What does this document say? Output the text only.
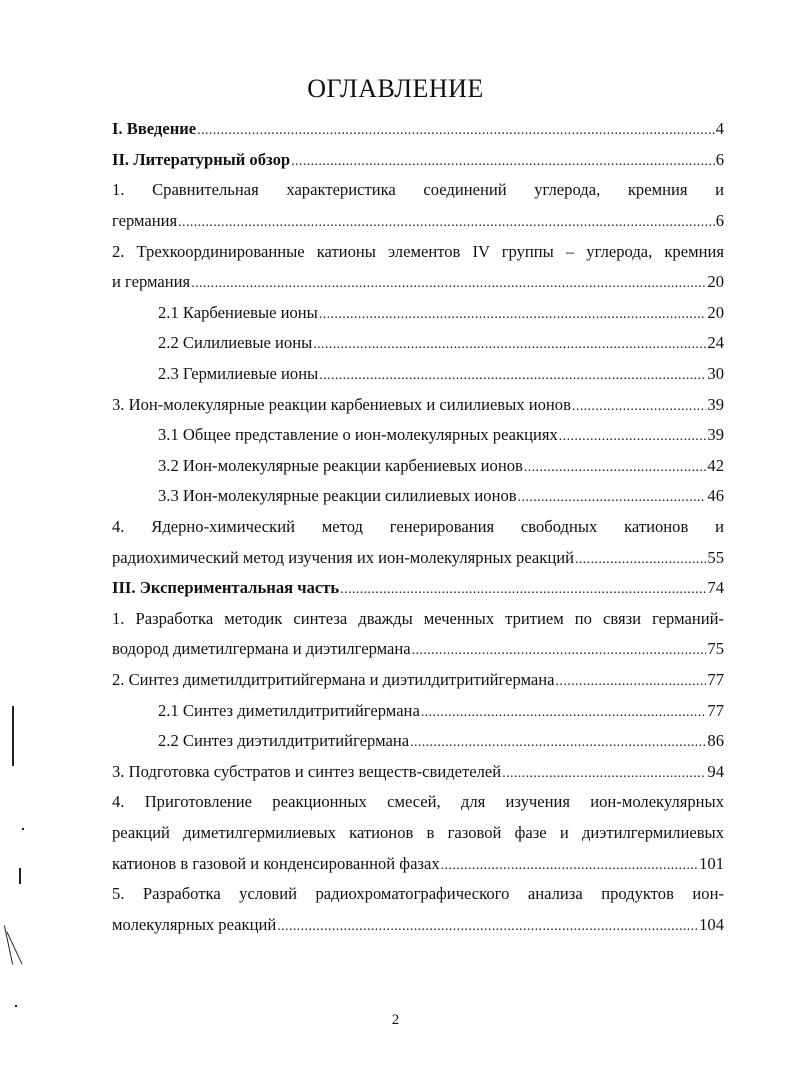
ОГЛАВЛЕНИЕ
I. Введение .....	4
II. Литературный обзор .....	6
1. Сравнительная характеристика соединений углерода, кремния и
германия .....	6
2. Трехкоординированные катионы элементов IV группы – углерода, кремния
и германия .....	20
2.1 Карбениевые ионы .....	20
2.2 Силилиевые ионы .....	24
2.3 Гермилиевые ионы .....	30
3. Ион-молекулярные реакции карбениевых и силилиевых ионов .....	39
3.1 Общее представление о ион-молекулярных реакциях .....	39
3.2 Ион-молекулярные реакции карбениевых ионов .....	42
3.3 Ион-молекулярные реакции силилиевых ионов .....	46
4. Ядерно-химический метод генерирования свободных катионов и
радиохимический метод изучения их ион-молекулярных реакций .....	55
III. Экспериментальная часть .....	74
1. Разработка методик синтеза дважды меченных тритием по связи германий-
водород диметилгермана и диэтилгермана .....	75
2. Синтез диметилдитритийгермана и диэтилдитритийгермана .....	77
2.1 Синтез диметилдитритийгермана .....	77
2.2 Синтез диэтилдитритийгермана .....	86
3. Подготовка субстратов и синтез веществ-свидетелей .....	94
4. Приготовление реакционных смесей, для изучения ион-молекулярных
реакций диметилгермилиевых катионов в газовой фазе и диэтилгермилиевых
катионов в газовой и конденсированной фазах .....	101
5. Разработка условий радиохроматографического анализа продуктов ион-
молекулярных реакций .....	104
2
